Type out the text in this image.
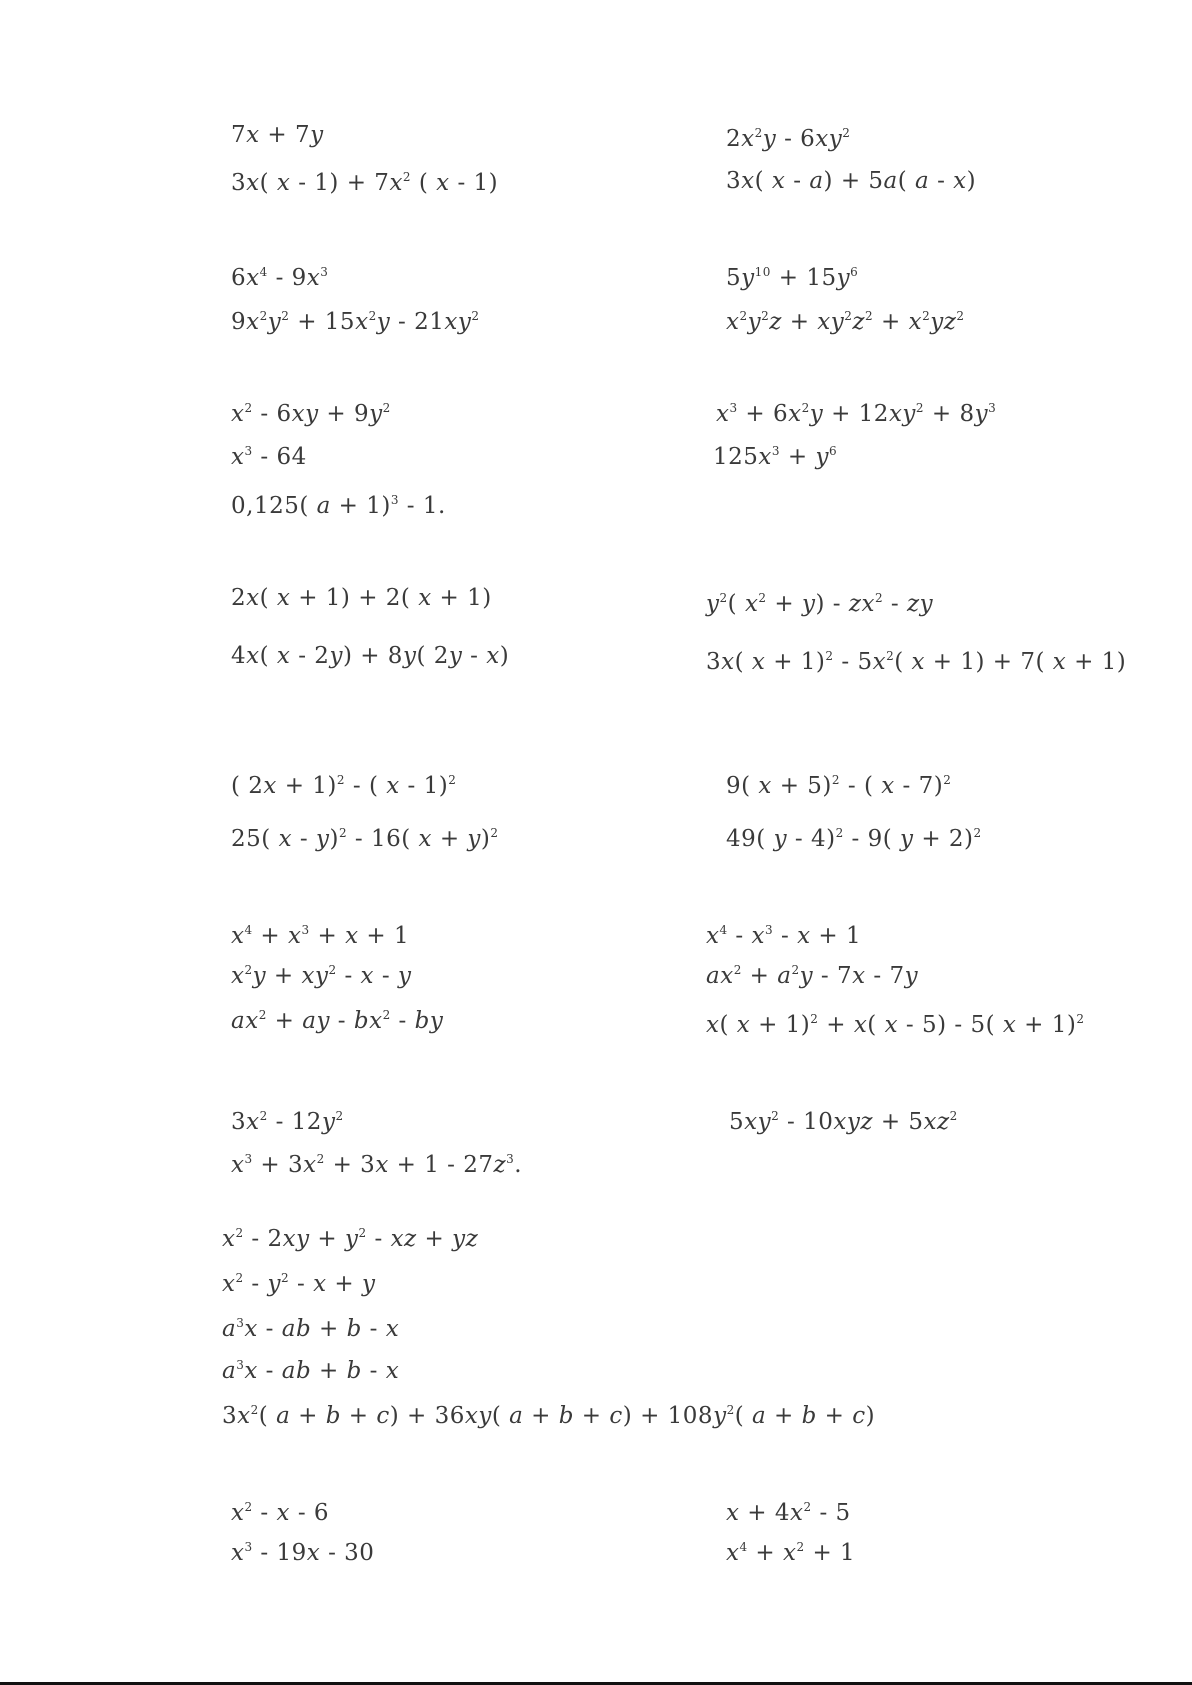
7x + 7y	$2x^2y - 6xy^2$
3x( $x - 1) + 7x^2$ ( x - 1)	3x( x - a) + 5a( a - x)
$6x^4 - 9x^3$	$5y^{10} + 15y^6$
$9x^2y^2 + 15x^2y - 21xy^2$	$x^2y^2z + xy^2z^2 + x^2yz^2$
$x^2 - 6xy + 9y^2$	$x^3 + 6x^2y + 12xy^2 + 8y^3$
$x^3 - 64$	$125x^3 + y^6$
0,125( a + 1)$^3$ - 1.
2x( x + 1) + 2( x + 1)	$y^2$( $x^2 + y) - zx^2$ - zy
4x( x - 2y) + 8y( 2y - x)	3x( $x + 1)^2 - 5x^2$( x + 1) + 7( x + 1)
( 2x + 1)$^2$ - ( x - 1)$^2$	9( x + 5)$^2$ - ( x - 7)$^2$
25( x - y)$^2$ - 16( x + y)$^2$	49( y - 4)$^2$ - 9( y + 2)$^2$
$x^4 + x^3 + x + 1$	$x^4 - x^3 - x + 1$
$x^2y + xy^2 - x - y$	$ax^2 + a^2y - 7x - 7y$
$ax^2$ + ay - $bx^2$ - by	x( x + 1)$^2$ + x( x - 5) - 5( x + 1)$^2$
$3x^2 - 12y^2$	$5xy^2 - 10xyz + 5xz^2$
$x^3 + 3x^2 + 3x + 1 - 27z^3$.
$x^2 - 2xy + y^2$ - xz + yz
$x^2 - y^2 - x + y$
$a^3x$ - ab + b - x
$a^3x$ - ab + b - x
$3x^2$( a + b + c) + 36xy( $a + b + c) + 108y^2$( a + b + c)
$x^2$ - x - 6	$x + 4x^2 - 5$
$x^3 - 19x - 30$	$x^4 + x^2 + 1$
